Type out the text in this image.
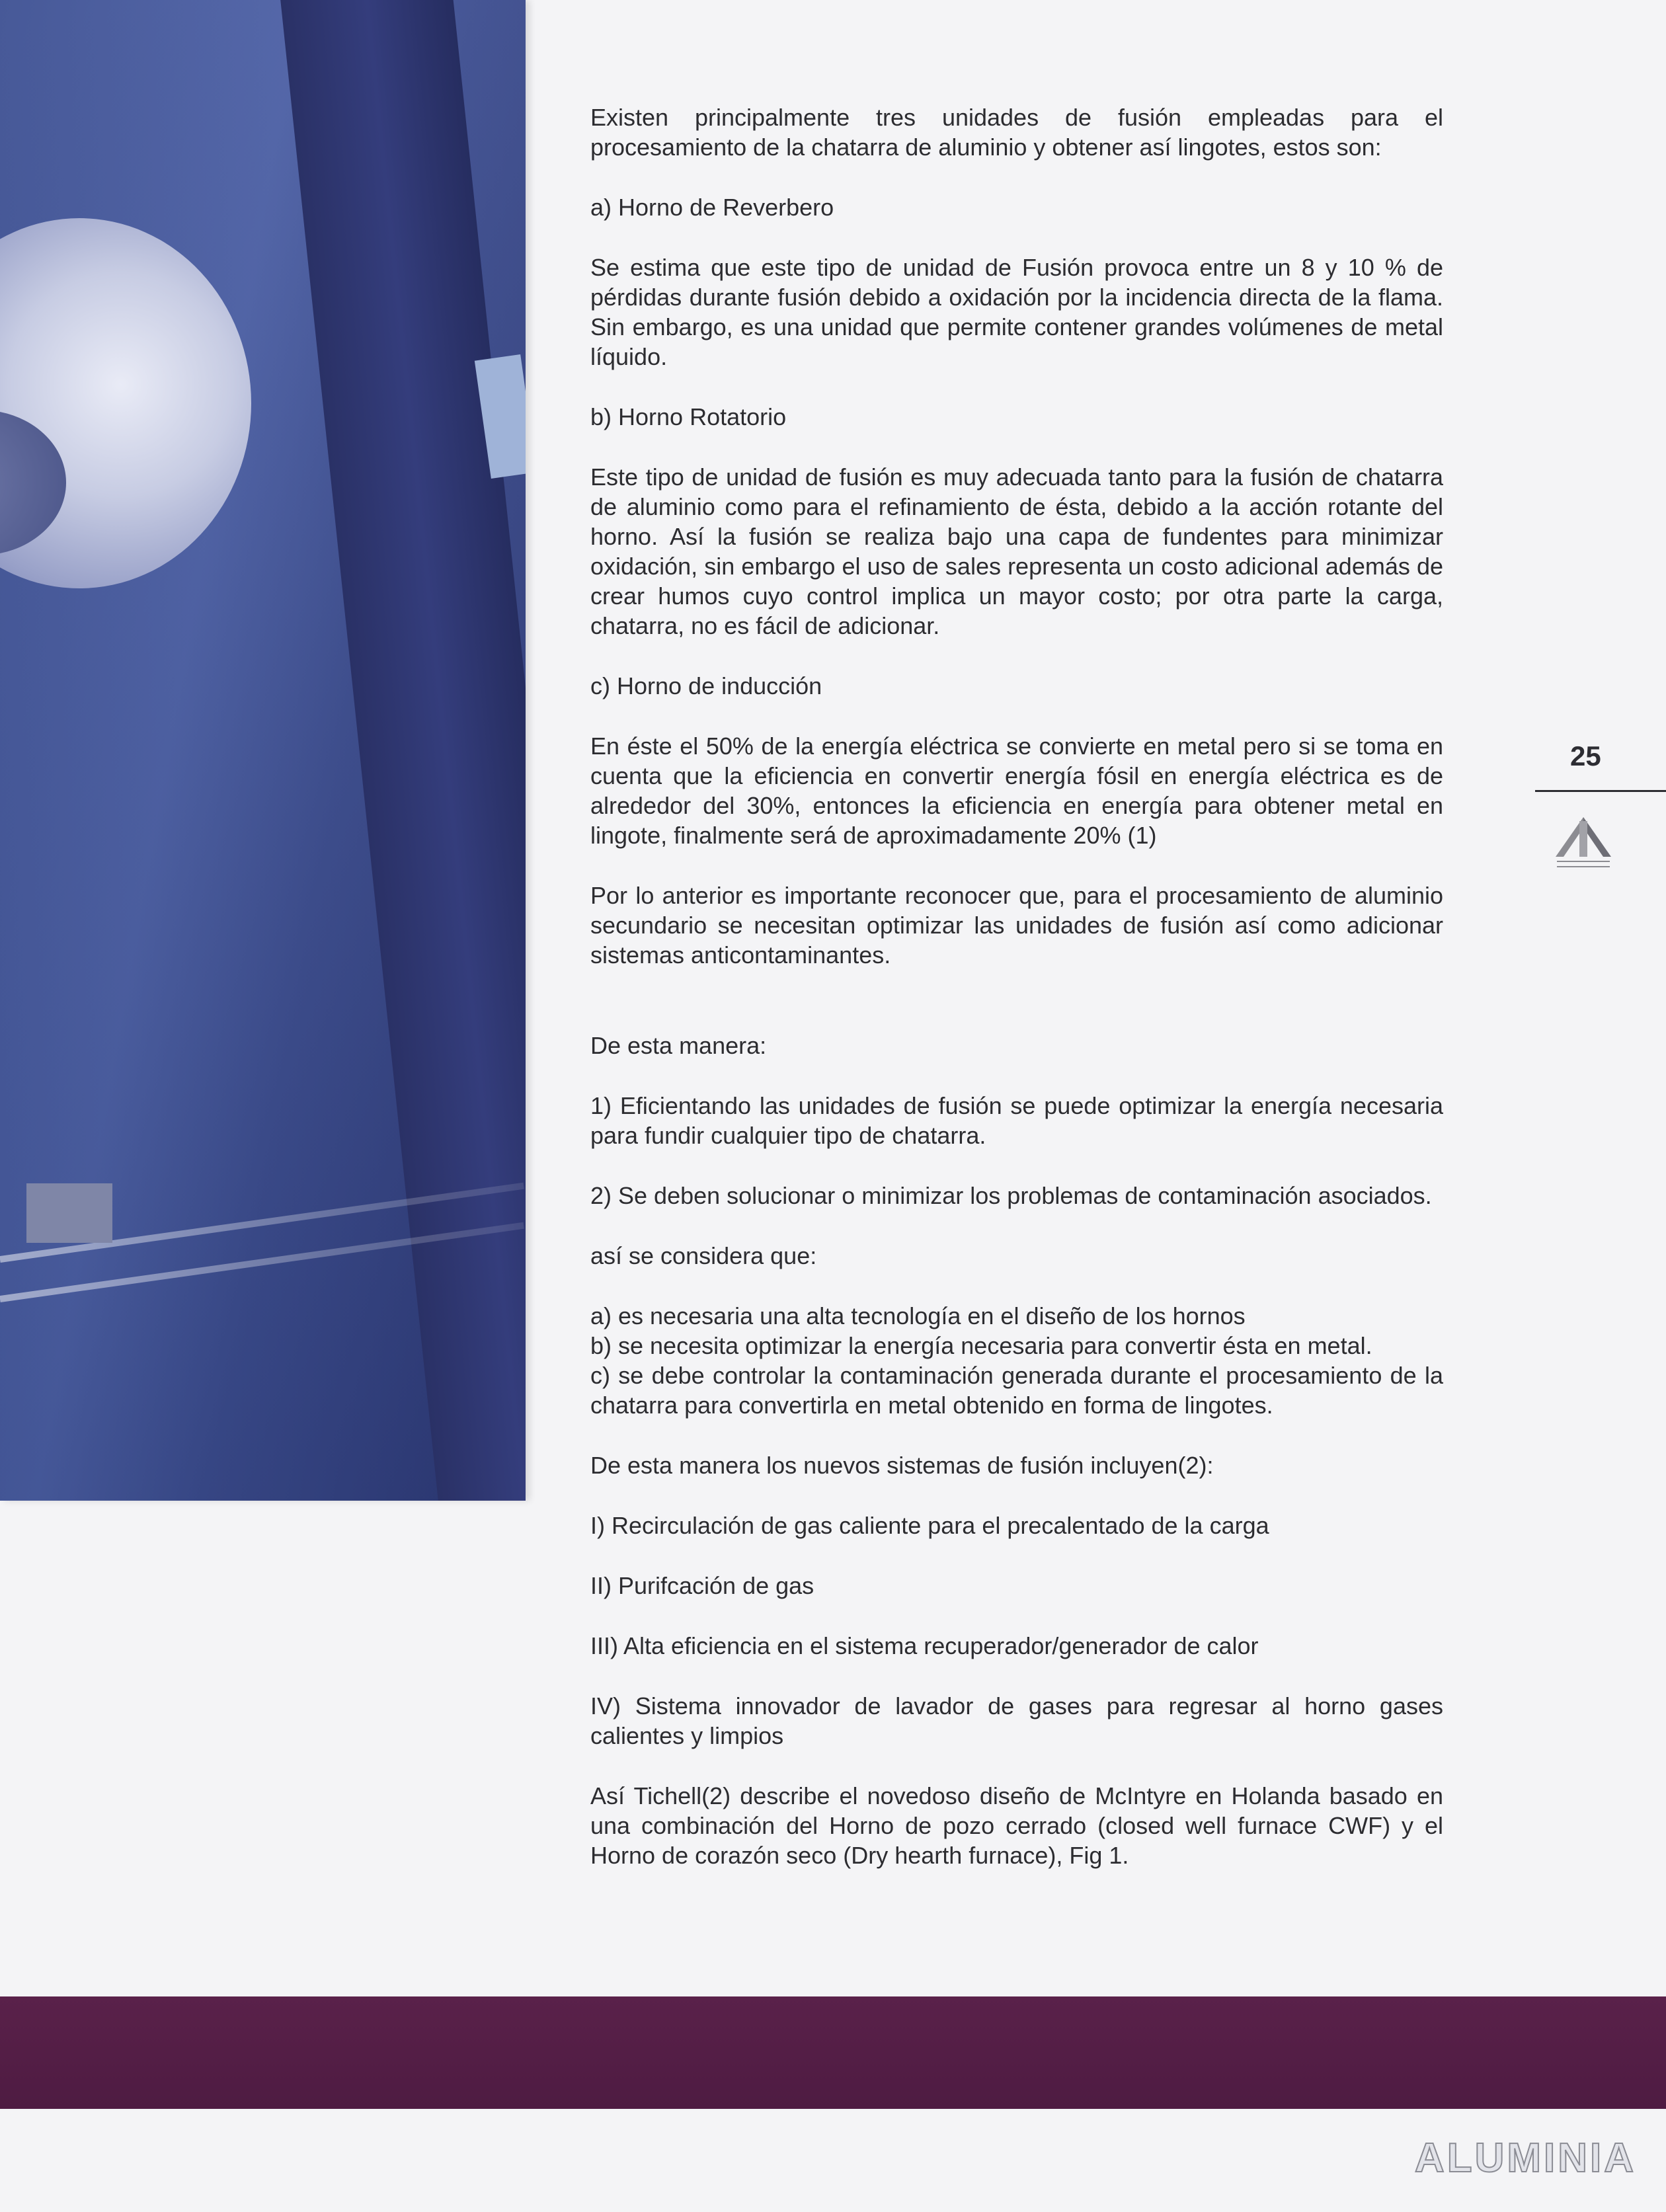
Existen principalmente tres unidades de fusión empleadas para el procesamiento de la chatarra de aluminio y obtener así lingotes, estos son:

a) Horno de Reverbero

Se estima que este tipo de unidad de Fusión provoca entre un 8 y 10 % de pérdidas durante fusión debido a oxidación por la incidencia directa de la flama. Sin embargo, es una unidad que permite contener grandes volúmenes de metal líquido.

b) Horno Rotatorio

Este tipo de unidad de fusión es muy adecuada tanto para la fusión de chatarra de aluminio como para el refinamiento de ésta, debido a la acción rotante del horno. Así la fusión se realiza bajo una capa de fundentes para minimizar oxidación, sin embargo el uso de sales representa un costo adicional además de crear humos cuyo control implica un mayor costo; por otra parte la carga, chatarra, no es fácil de adicionar.

c) Horno de inducción

En éste el 50% de la energía eléctrica se convierte en metal pero si se toma en cuenta que la eficiencia en convertir energía fósil en energía eléctrica es de alrededor del 30%, entonces la eficiencia en energía para obtener metal en lingote, finalmente será de aproximadamente 20% (1)

Por lo anterior es importante reconocer que, para el procesamiento de aluminio secundario se necesitan optimizar las unidades de fusión así como adicionar sistemas anticontaminantes.

De esta manera:

1) Eficientando las unidades de fusión se puede optimizar la energía necesaria para fundir cualquier tipo de chatarra.

2) Se deben solucionar o minimizar los problemas de contaminación asociados.

así se considera que:

a) es necesaria una alta tecnología en el diseño de los hornos
b) se necesita optimizar la energía necesaria para convertir ésta en metal.
c) se debe controlar la contaminación generada durante el procesamiento de la chatarra para convertirla en metal obtenido en forma de lingotes.

De esta manera los nuevos sistemas de fusión incluyen(2):

I) Recirculación de gas caliente para el precalentado de la carga

II) Purifcación de gas

III) Alta eficiencia en el sistema recuperador/generador de calor

IV) Sistema innovador de lavador de gases para regresar al horno gases calientes y limpios

Así Tichell(2) describe el novedoso diseño de McIntyre en Holanda basado en una combinación del Horno de pozo cerrado (closed well furnace CWF) y el Horno de corazón seco (Dry hearth furnace), Fig 1.

25
ALUMINIA
